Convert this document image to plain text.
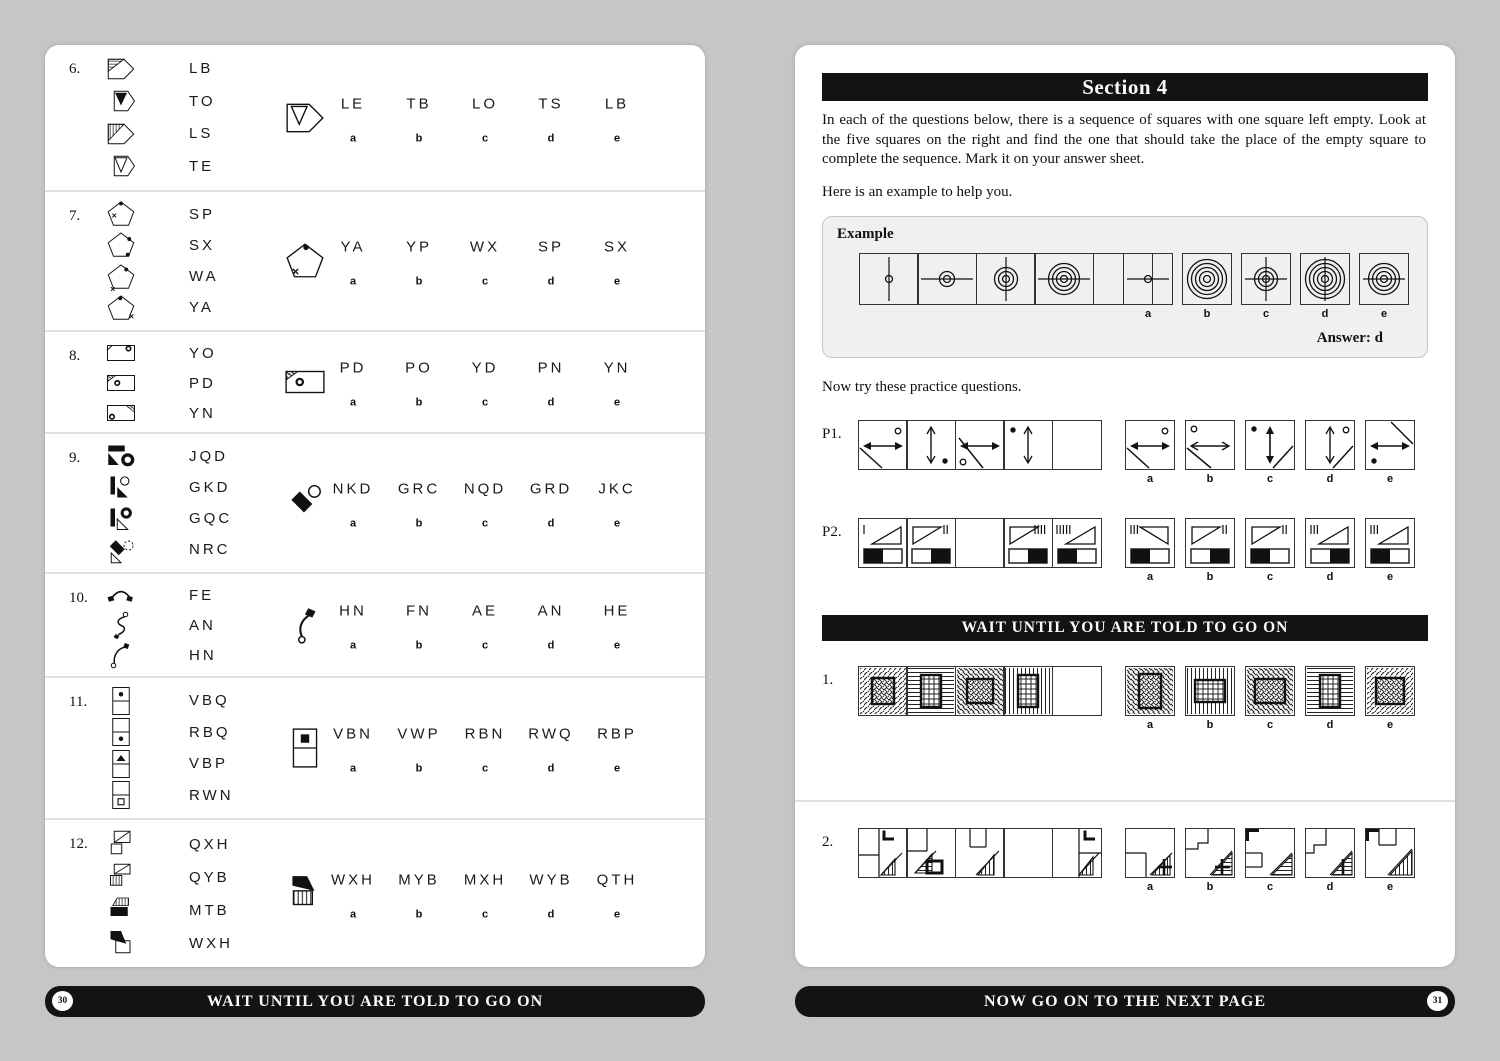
6.	LB
TO
LS
TE
LE
a
TB
b
LO
c
TS
d
LB
e
7.	SP
SX
WA
YA
YA
a
YP
b
WX
c
SP
d
SX
e
8.	YO
PD
YN
PD
a
PO
b
YD
c
PN
d
YN
e
9.	JQD
GKD
GQC
NRC
NKD
a
GRC
b
NQD
c
GRD
d
JKC
e
10.	FE
AN
HN
HN
a
FN
b
AE
c
AN
d
HE
e
11.	VBQ
RBQ
VBP
RWN
VBN
a
VWP
b
RBN
c
RWQ
d
RBP
e
12.	QXH
QYB
MTB
WXH
WXH
a
MYB
b
MXH
c
WYB
d
QTH
e
Section 4
In each of the questions below, there is a sequence of squares with one square left empty. Look at the five squares on the right and find the one that should take the place of the empty square to complete the sequence. Mark it on your answer sheet.
Here is an example to help you.
Example
Answer: d
a	b	c	d	e
Now try these practice questions.
WAIT UNTIL YOU ARE TOLD TO GO ON
P1.
a	b	c	d	e
P2.
a	b	c	d	e
1.
a	b	c	d	e
2.
a	b	c	d	e
30	WAIT UNTIL YOU ARE TOLD TO GO ON	NOW GO ON TO THE NEXT PAGE	31
